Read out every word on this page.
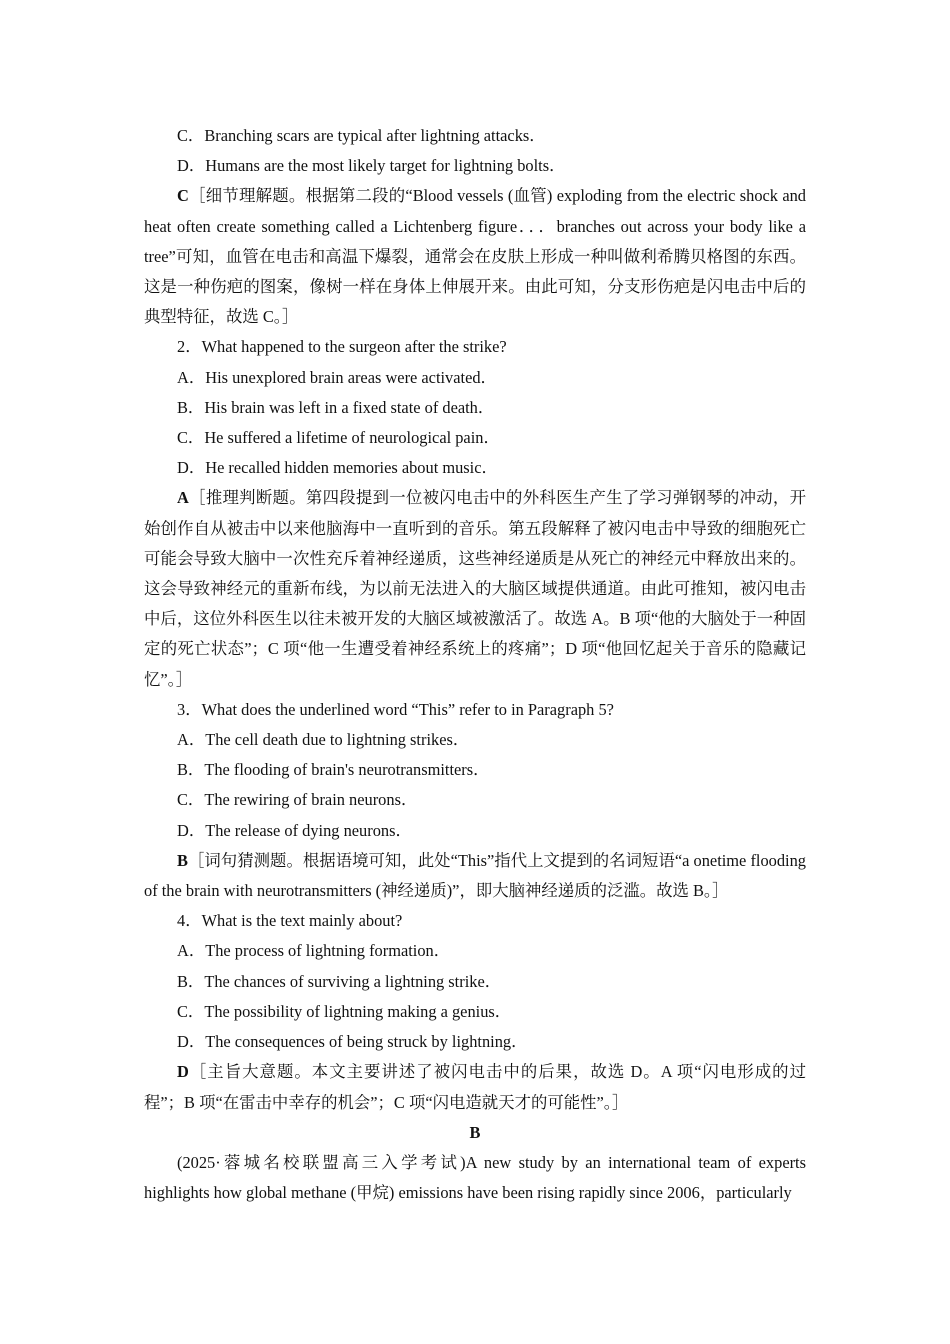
C．Branching scars are typical after lightning attacks．

D．Humans are the most likely target for lightning bolts．

C［细节理解题。根据第二段的“Blood vessels (血管) exploding from the electric shock and heat often create something called a Lichtenberg figure．．．branches out across your body like a tree”可知，血管在电击和高温下爆裂，通常会在皮肤上形成一种叫做利希腾贝格图的东西。这是一种伤疤的图案，像树一样在身体上伸展开来。由此可知，分支形伤疤是闪电击中后的典型特征，故选 C。］

2．What happened to the surgeon after the strike?

A．His unexplored brain areas were activated．

B．His brain was left in a fixed state of death．

C．He suffered a lifetime of neurological pain．

D．He recalled hidden memories about music．

A［推理判断题。第四段提到一位被闪电击中的外科医生产生了学习弹钢琴的冲动，开始创作自从被击中以来他脑海中一直听到的音乐。第五段解释了被闪电击中导致的细胞死亡可能会导致大脑中一次性充斥着神经递质，这些神经递质是从死亡的神经元中释放出来的。这会导致神经元的重新布线，为以前无法进入的大脑区域提供通道。由此可推知，被闪电击中后，这位外科医生以往未被开发的大脑区域被激活了。故选 A。B 项“他的大脑处于一种固定的死亡状态”；C 项“他一生遭受着神经系统上的疼痛”；D 项“他回忆起关于音乐的隐藏记忆”。］

3．What does the underlined word “This” refer to in Paragraph 5?

A．The cell death due to lightning strikes．

B．The flooding of brain's neurotransmitters．

C．The rewiring of brain neurons．

D．The release of dying neurons．

B［词句猜测题。根据语境可知，此处“This”指代上文提到的名词短语“a onetime flooding of the brain with neurotransmitters (神经递质)”，即大脑神经递质的泛滥。故选 B。］

4．What is the text mainly about?

A．The process of lightning formation．

B．The chances of surviving a lightning strike．

C．The possibility of lightning making a genius．

D．The consequences of being struck by lightning．

D［主旨大意题。本文主要讲述了被闪电击中的后果，故选 D。A 项“闪电形成的过程”；B 项“在雷击中幸存的机会”；C 项“闪电造就天才的可能性”。］

B

(2025·蓉城名校联盟高三入学考试)A new study by an international team of experts highlights how global methane (甲烷) emissions have been rising rapidly since 2006，particularly
